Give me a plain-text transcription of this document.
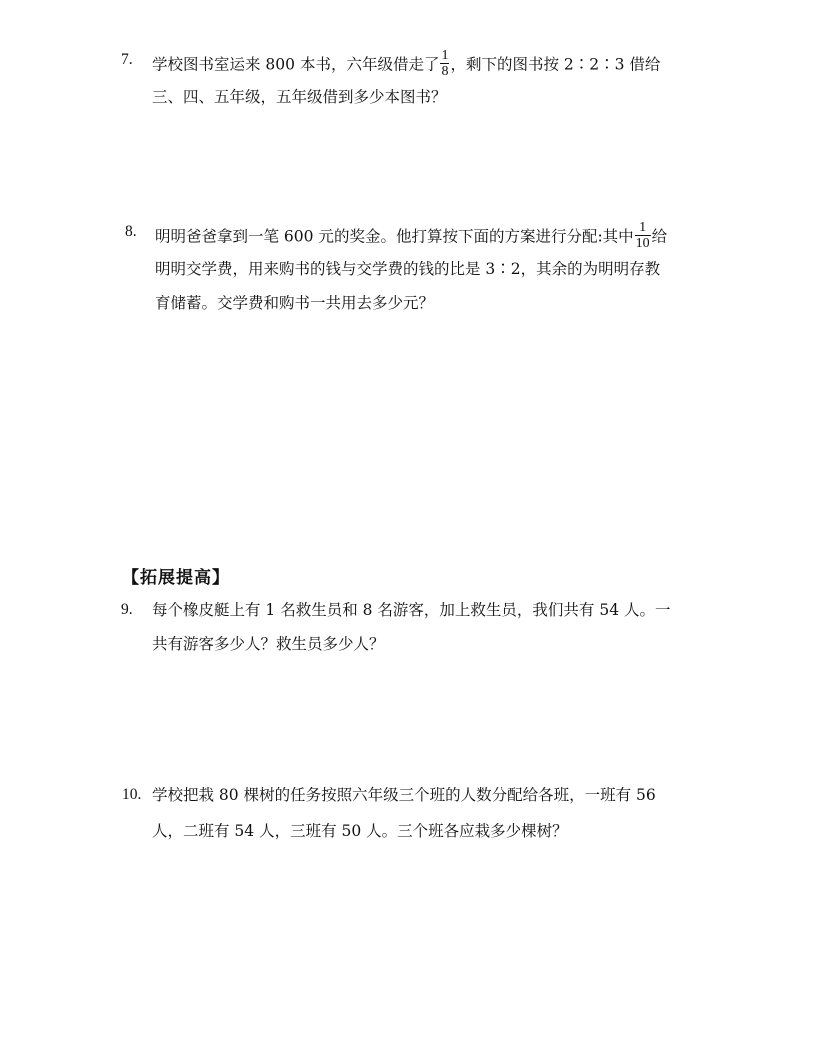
7. 学校图书室运来 800 本书，六年级借走了 $\frac{1}{8}$ ，剩下的图书按 2∶2∶3 借给
三、四、五年级，五年级借到多少本图书？
8. 明明爸爸拿到一笔 600 元的奖金。他打算按下面的方案进行分配:其中 $\frac{1}{10}$ 给
明明交学费，用来购书的钱与交学费的钱的比是 3∶2，其余的为明明存教
育储蓄。交学费和购书一共用去多少元？
【拓展提高】
9. 每个橡皮艇上有 1 名救生员和 8 名游客，加上救生员，我们共有 54 人。一
共有游客多少人？救生员多少人？
10. 学校把栽 80 棵树的任务按照六年级三个班的人数分配给各班，一班有 56
人，二班有 54 人，三班有 50 人。三个班各应栽多少棵树？
